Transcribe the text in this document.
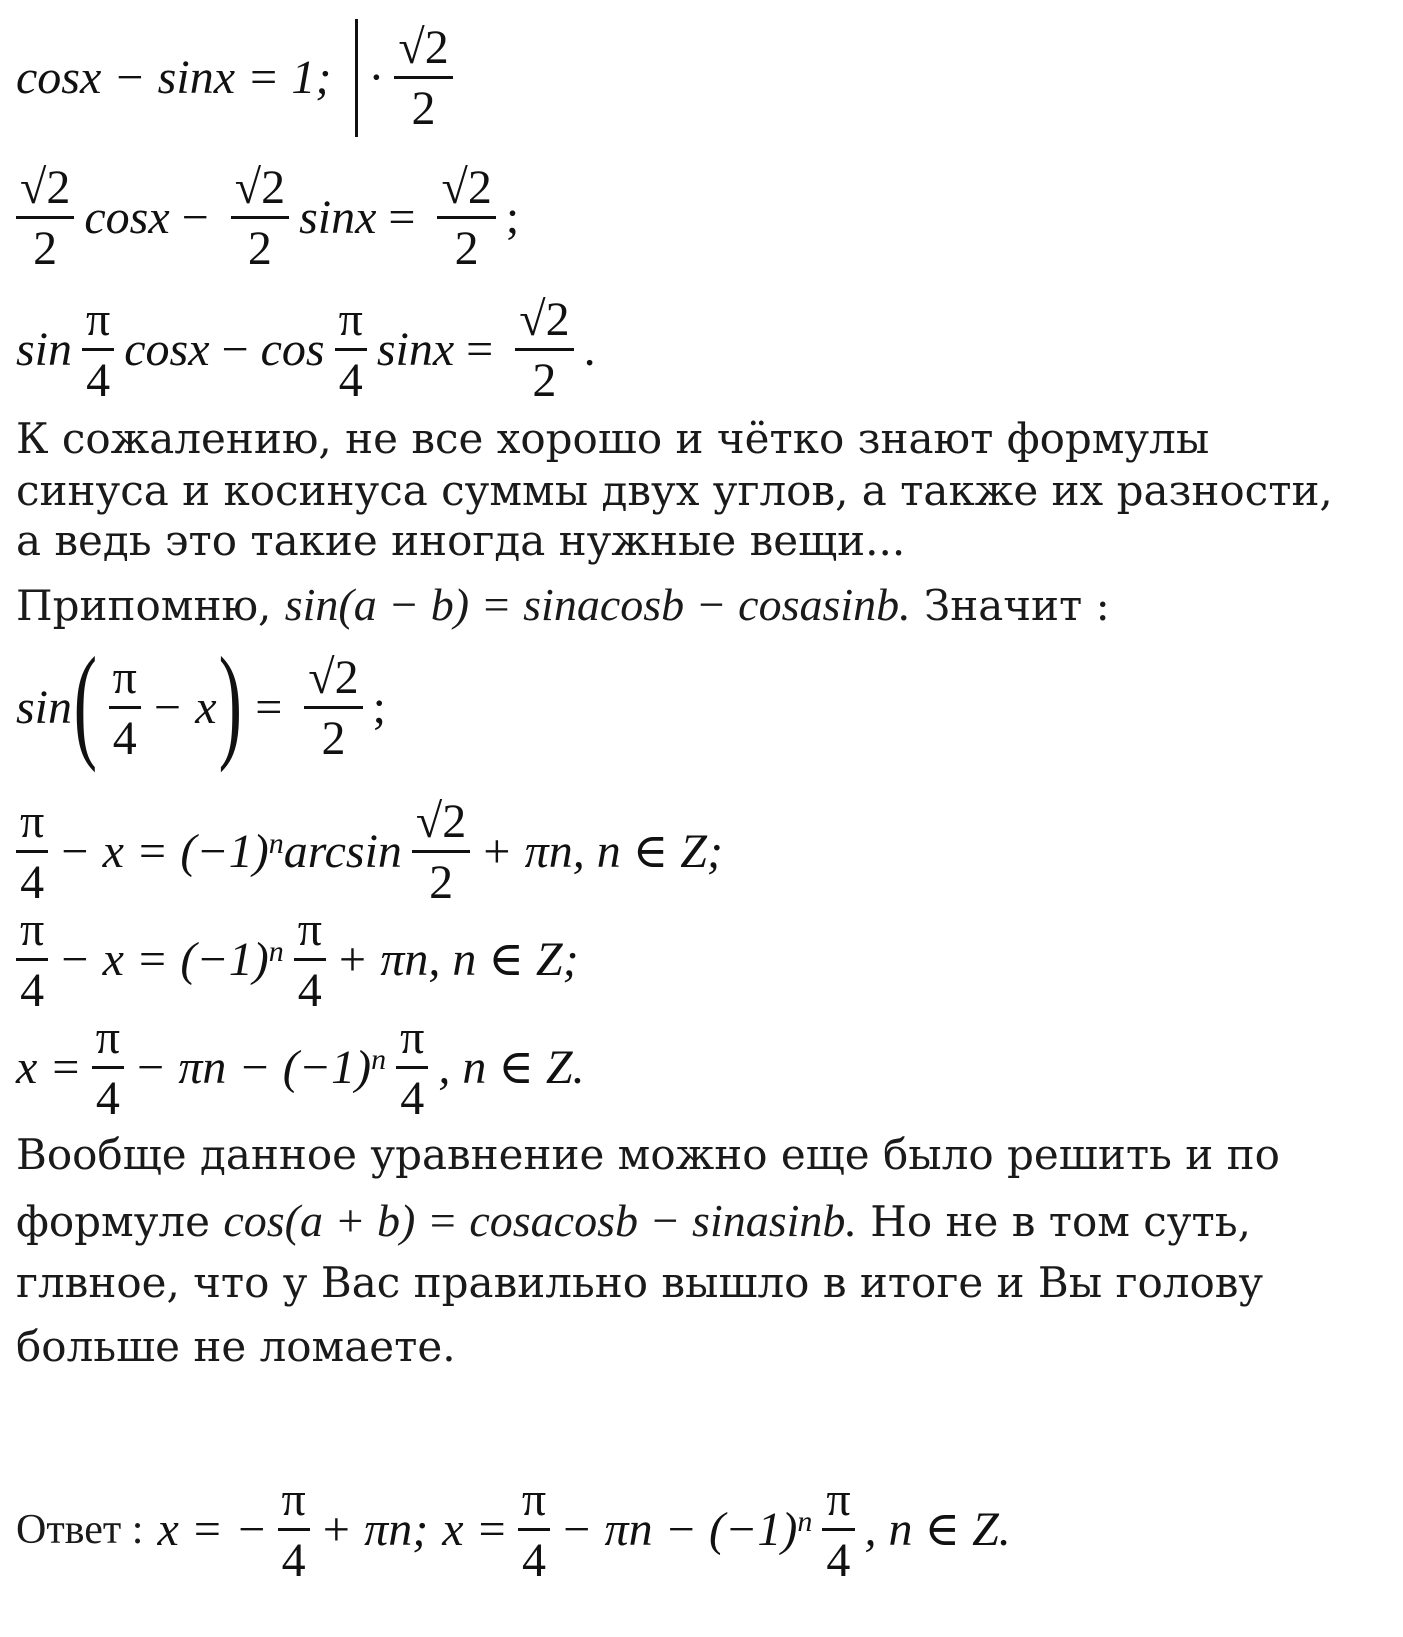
cosx − sinx = 1; · $\frac{√2}{2}$
$\frac{√2}{2}$ $\cos x - \frac{√2}{2}$ $\sin x = \frac{√2}{2}$ ;
$\sin \frac{\pi}{4}$ $\cos x - \cos \frac{\pi}{4}$ $\sin x = \frac{√2}{2}$ .
К сожалению, не все хорошо и чётко знают формулы
синуса и косинуса суммы двух углов, а также их разности,
а ведь это такие иногда нужные вещи...
Припомню, sin(a − b) = sinacosb − cosasinb. Значит :
sin ( $\frac{\pi}{4} - x$ ) = $\frac{√2}{2}$ ;
$\frac{\pi}{4} - x = (-1)^n$ $\arcsin \frac{√2}{2} + \pi n$, n ∈ Z;
$\frac{\pi}{4} - x = (-1)^n \frac{\pi}{4} + \pi n$, n ∈ Z;
$x = \frac{\pi}{4} - \pi n - (-1)^n \frac{\pi}{4}$ , n ∈ Z.
Вообще данное уравнение можно еще было решить и по
формуле cos(a + b) = cosacosb − sinasinb. Но не в том суть,
глвное, что у Вас правильно вышло в итоге и Вы голову
больше не ломаете.
Ответ : x = − $\frac{\pi}{4} + \pi n$; $x = \frac{\pi}{4} - \pi n - (-1)^n \frac{\pi}{4}$ , n ∈ Z.
